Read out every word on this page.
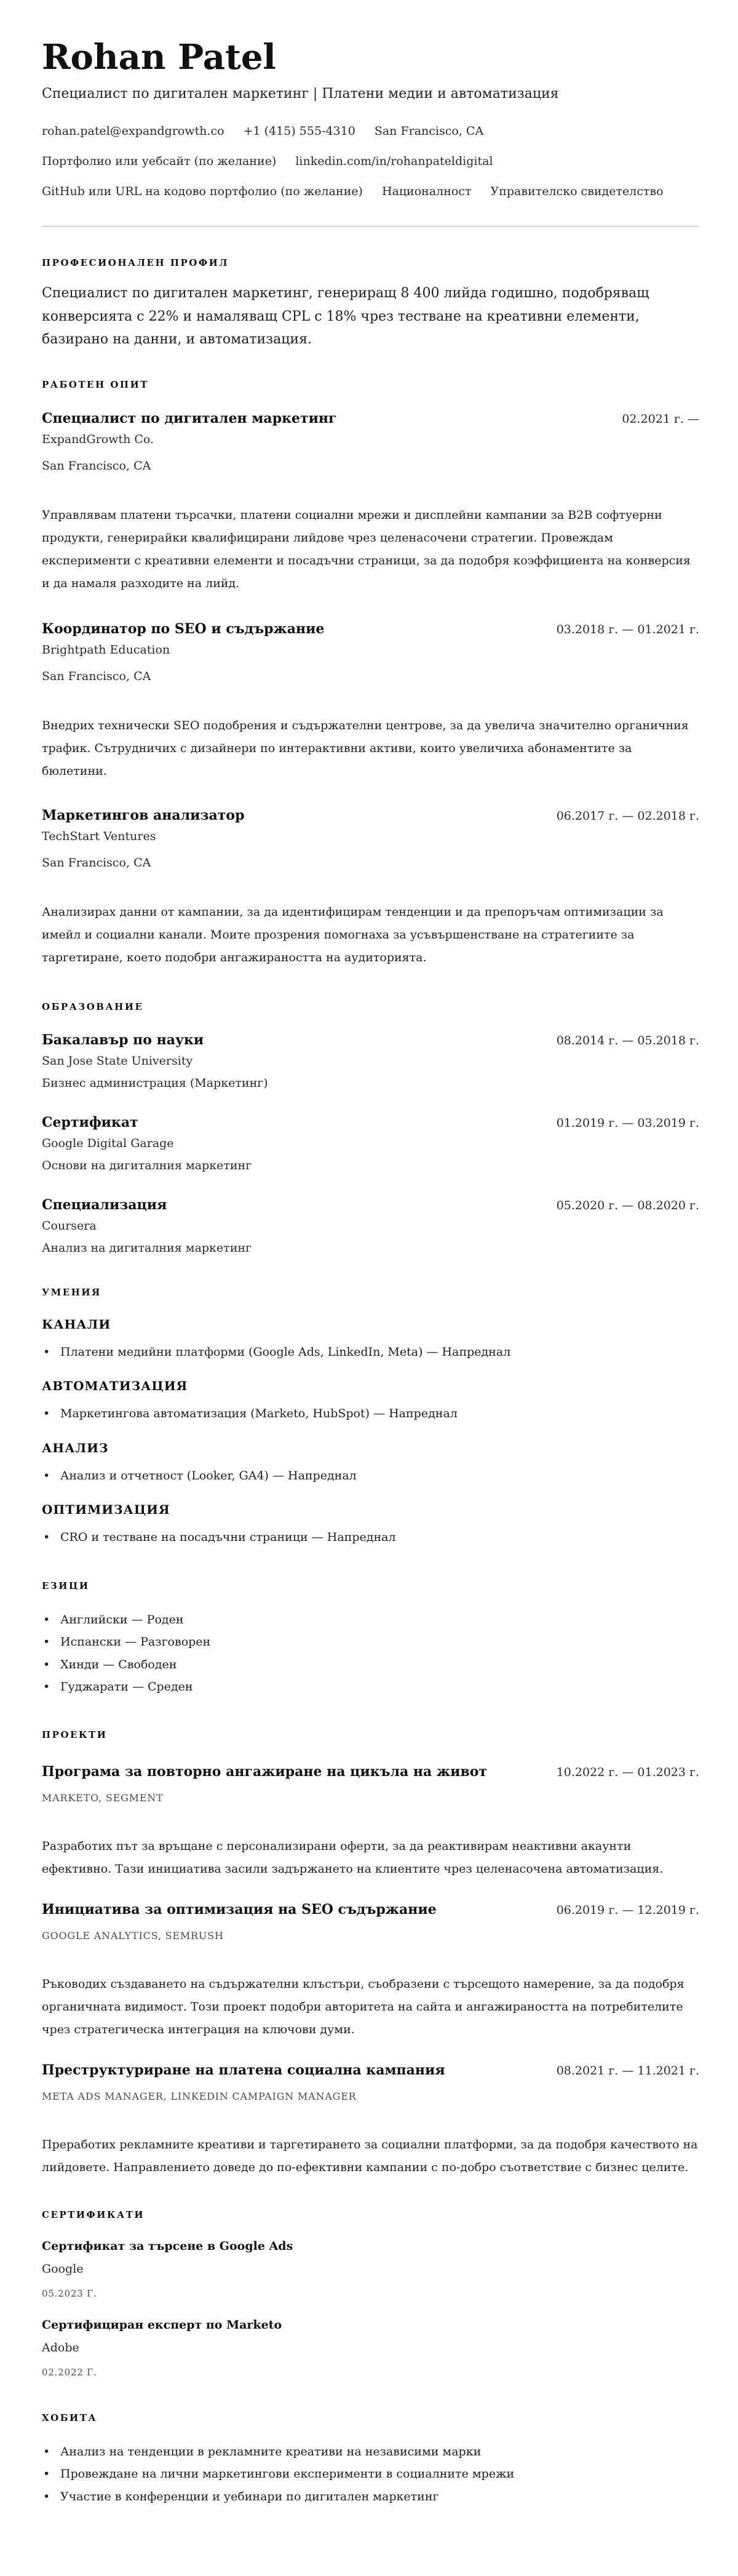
Rohan Patel
Специалист по дигитален маркетинг | Платени медии и автоматизация
rohan.patel@expandgrowth.co +1 (415) 555-4310 San Francisco, CA
Портфолио или уебсайт (по желание) linkedin.com/in/rohanpateldigital
GitHub или URL на кодово портфолио (по желание) Националност Управителско свидетелство
ПРОФЕСИОНАЛЕН ПРОФИЛ
Специалист по дигитален маркетинг, генериращ 8 400 лийда годишно, подобряващ конверсията с 22% и намаляващ CPL с 18% чрез тестване на креативни елементи, базирано на данни, и автоматизация.
РАБОТЕН ОПИТ
Специалист по дигитален маркетинг	02.2021 г. —
ExpandGrowth Co.
San Francisco, CA
Управлявам платени търсачки, платени социални мрежи и дисплейни кампании за B2B софтуерни продукти, генерирайки квалифицирани лийдове чрез целенасочени стратегии. Провеждам експерименти с креативни елементи и посадъчни страници, за да подобря коэффициента на конверсия и да намаля разходите на лийд.
Координатор по SEO и съдържание	03.2018 г. — 01.2021 г.
Brightpath Education
San Francisco, CA
Внедрих технически SEO подобрения и съдържателни центрове, за да увелича значително органичния трафик. Сътрудничих с дизайнери по интерактивни активи, които увеличиха абонаментите за бюлетини.
Маркетингов анализатор	06.2017 г. — 02.2018 г.
TechStart Ventures
San Francisco, CA
Анализирах данни от кампании, за да идентифицирам тенденции и да препоръчам оптимизации за имейл и социални канали. Моите прозрения помогнаха за усъвършенстване на стратегиите за таргетиране, което подобри ангажираността на аудиторията.
ОБРАЗОВАНИЕ
Бакалавър по науки	08.2014 г. — 05.2018 г.
San Jose State University
Бизнес администрация (Маркетинг)
Сертификат	01.2019 г. — 03.2019 г.
Google Digital Garage
Основи на дигиталния маркетинг
Специализация	05.2020 г. — 08.2020 г.
Coursera
Анализ на дигиталния маркетинг
УМЕНИЯ
КАНАЛИ
• Платени медийни платформи (Google Ads, LinkedIn, Meta) — Напреднал
АВТОМАТИЗАЦИЯ
• Маркетингова автоматизация (Marketo, HubSpot) — Напреднал
АНАЛИЗ
• Анализ и отчетност (Looker, GA4) — Напреднал
ОПТИМИЗАЦИЯ
• CRO и тестване на посадъчни страници — Напреднал
ЕЗИЦИ
• Английски — Роден
• Испански — Разговорен
• Хинди — Свободен
• Гуджарати — Среден
ПРОЕКТИ
Програма за повторно ангажиране на цикъла на живот	10.2022 г. — 01.2023 г.
MARKETO, SEGMENT
Разработих път за връщане с персонализирани оферти, за да реактивирам неактивни акаунти ефективно. Тази инициатива засили задържането на клиентите чрез целенасочена автоматизация.
Инициатива за оптимизация на SEO съдържание	06.2019 г. — 12.2019 г.
GOOGLE ANALYTICS, SEMRUSH
Ръководих създаването на съдържателни клъстъри, съобразени с търсещото намерение, за да подобря органичната видимост. Този проект подобри авторитета на сайта и ангажираността на потребителите чрез стратегическа интеграция на ключови думи.
Преструктуриране на платена социална кампания	08.2021 г. — 11.2021 г.
META ADS MANAGER, LINKEDIN CAMPAIGN MANAGER
Преработих рекламните креативи и таргетирането за социални платформи, за да подобря качеството на лийдовете. Направлението доведе до по-ефективни кампании с по-добро съответствие с бизнес целите.
СЕРТИФИКАТИ
Сертификат за търсене в Google Ads
Google
05.2023 Г.
Сертифициран експерт по Marketo
Adobe
02.2022 Г.
ХОБИТА
• Анализ на тенденции в рекламните креативи на независими марки
• Провеждане на лични маркетингови експерименти в социалните мрежи
• Участие в конференции и уебинари по дигитален маркетинг
